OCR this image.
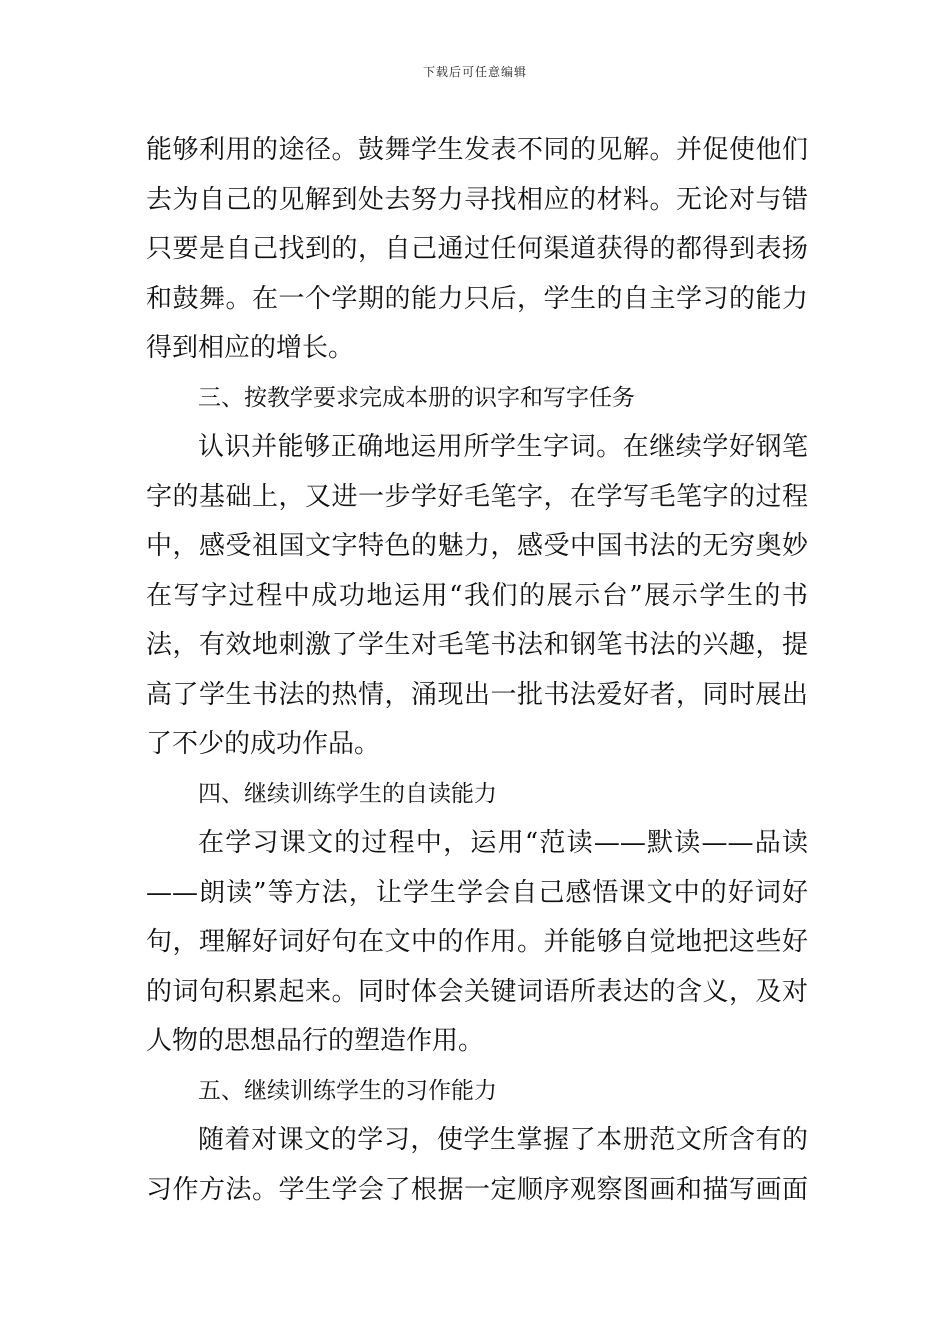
下载后可任意编辑
能够利用的途径。鼓舞学生发表不同的见解。并促使他们
去为自己的见解到处去努力寻找相应的材料。无论对与错
只要是自己找到的，自己通过任何渠道获得的都得到表扬
和鼓舞。在一个学期的能力只后，学生的自主学习的能力
得到相应的增长。
三、按教学要求完成本册的识字和写字任务
认识并能够正确地运用所学生字词。在继续学好钢笔
字的基础上，又进一步学好毛笔字，在学写毛笔字的过程
中，感受祖国文字特色的魅力，感受中国书法的无穷奥妙
在写字过程中成功地运用“我们的展示台”展示学生的书
法，有效地刺激了学生对毛笔书法和钢笔书法的兴趣，提
高了学生书法的热情，涌现出一批书法爱好者，同时展出
了不少的成功作品。
四、继续训练学生的自读能力
在学习课文的过程中，运用“范读——默读——品读
——朗读”等方法，让学生学会自己感悟课文中的好词好
句，理解好词好句在文中的作用。并能够自觉地把这些好
的词句积累起来。同时体会关键词语所表达的含义，及对
人物的思想品行的塑造作用。
五、继续训练学生的习作能力
随着对课文的学习，使学生掌握了本册范文所含有的
习作方法。学生学会了根据一定顺序观察图画和描写画面
